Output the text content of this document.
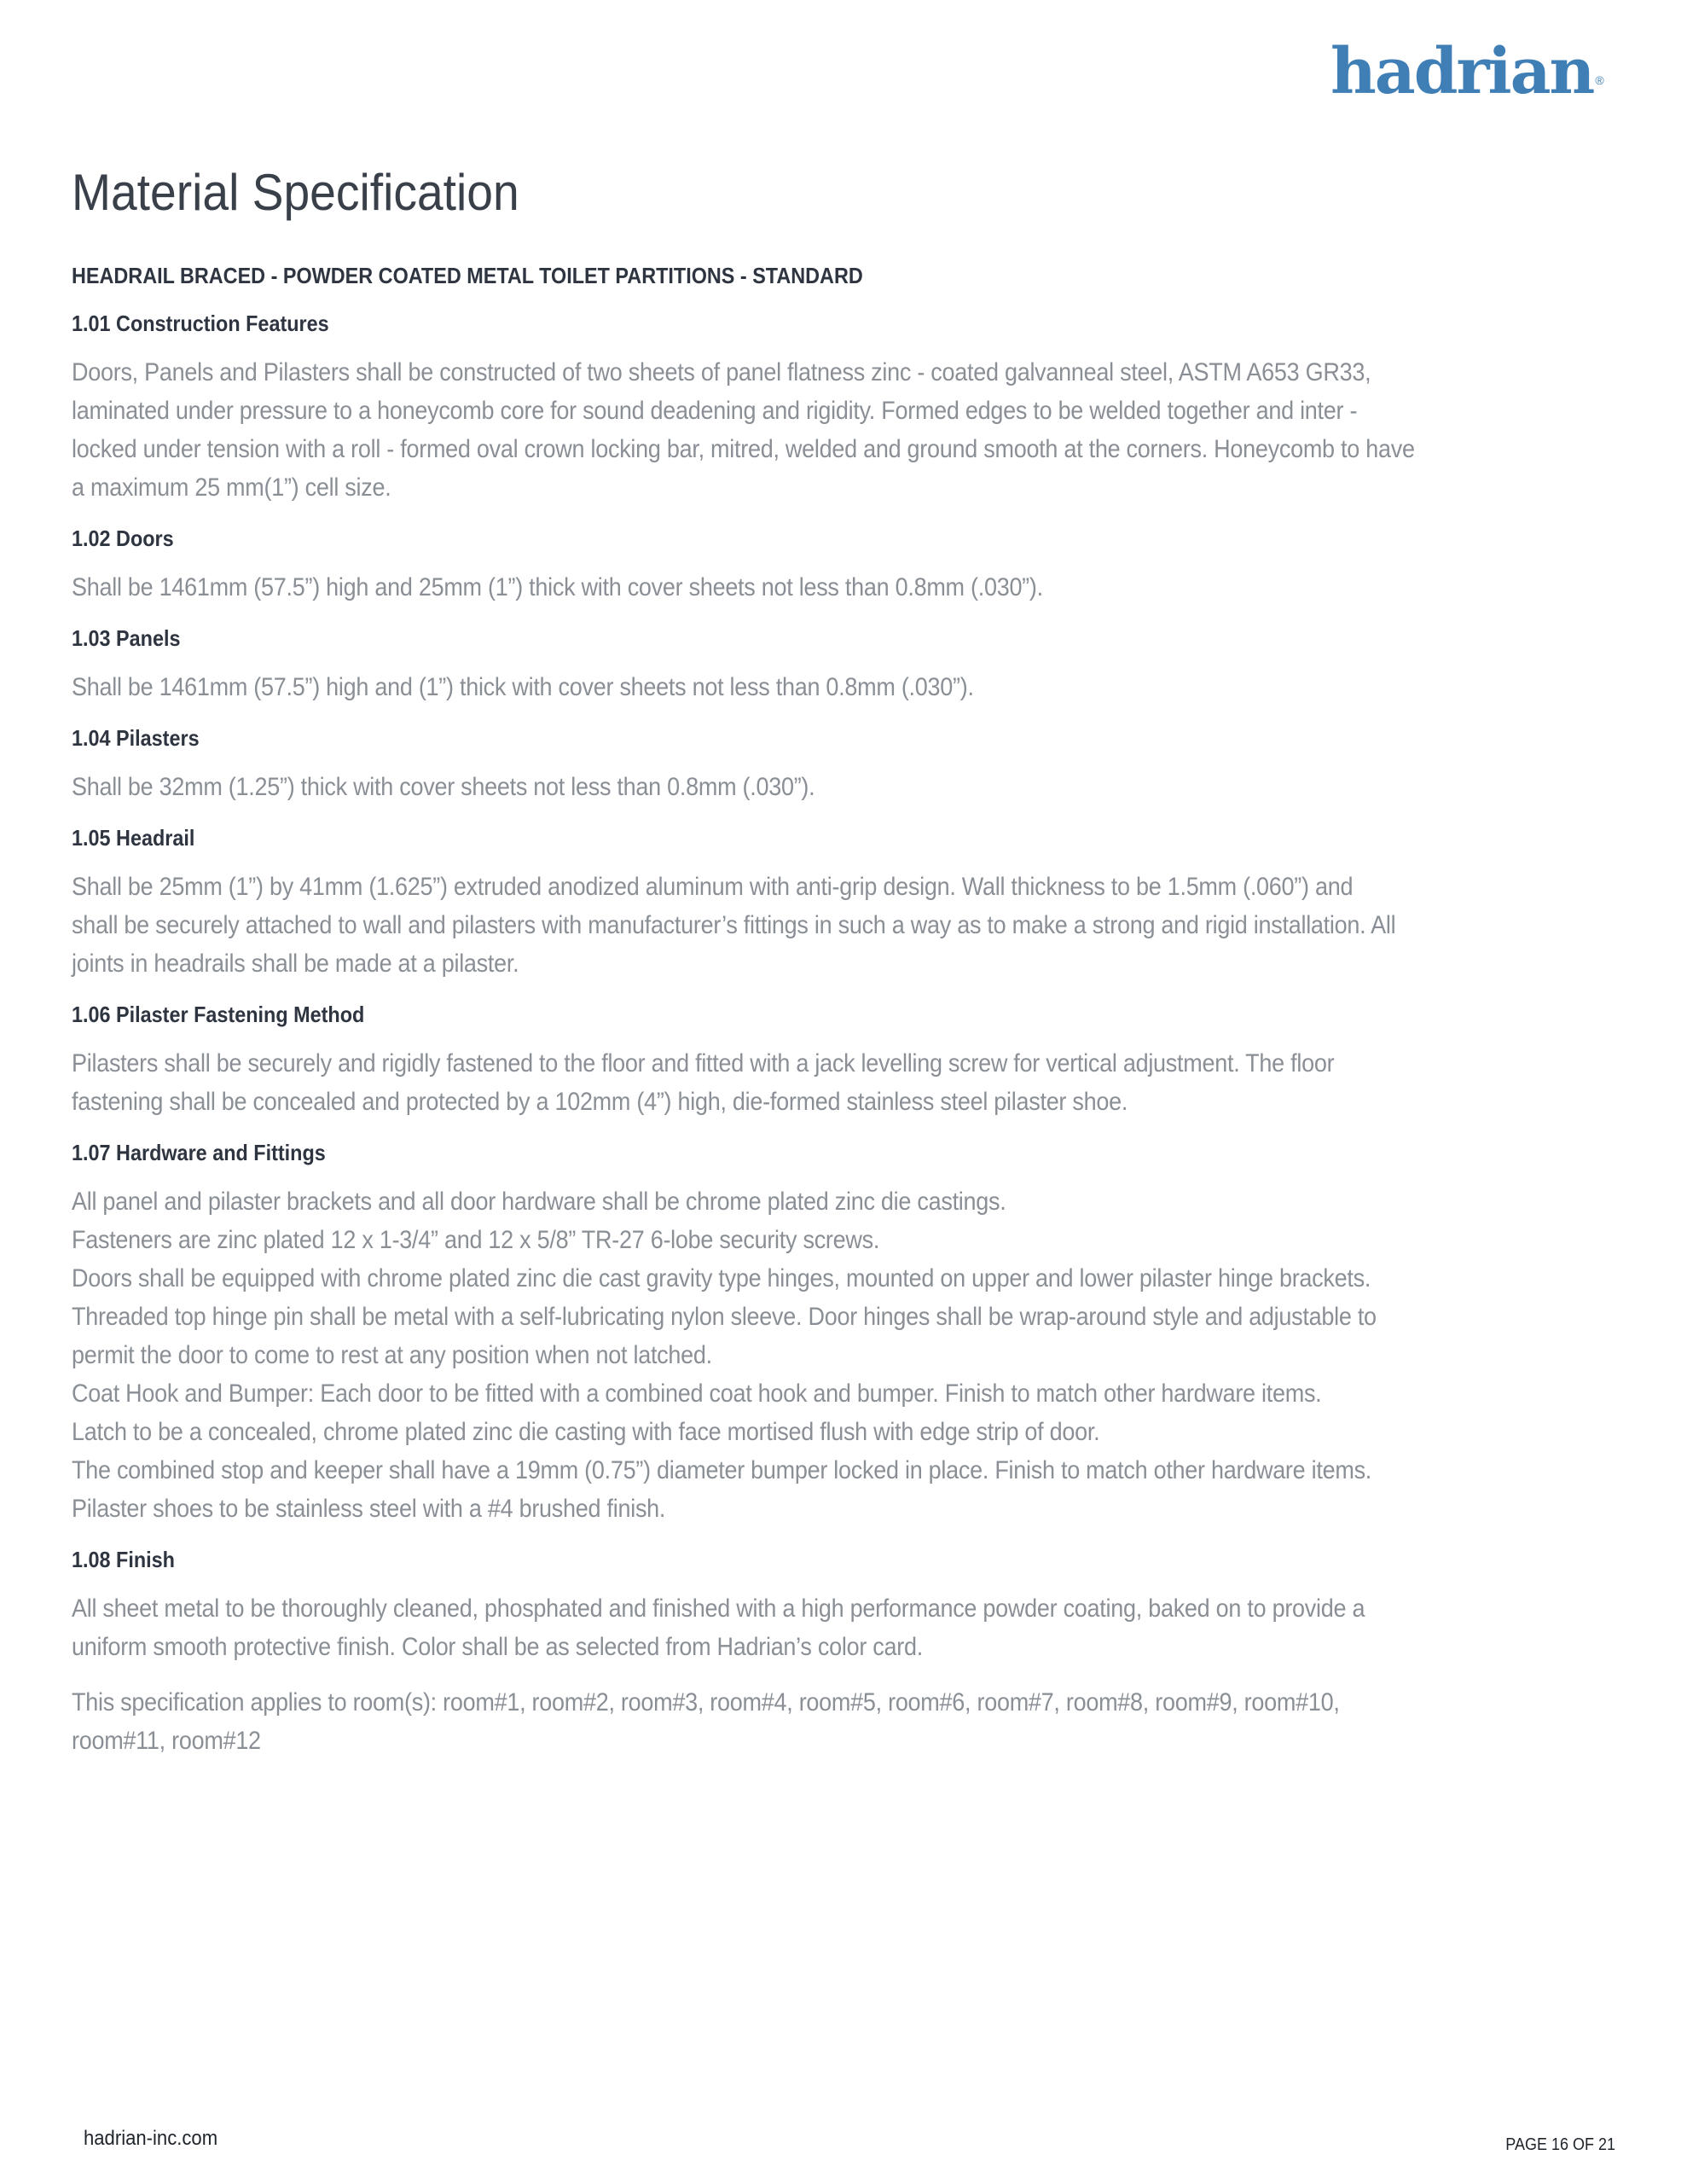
hadrian ®
Material Specification
HEADRAIL BRACED - POWDER COATED METAL TOILET PARTITIONS - STANDARD
1.01 Construction Features
Doors, Panels and Pilasters shall be constructed of two sheets of panel flatness zinc - coated galvanneal steel, ASTM A653 GR33,
laminated under pressure to a honeycomb core for sound deadening and rigidity. Formed edges to be welded together and inter -
locked under tension with a roll - formed oval crown locking bar, mitred, welded and ground smooth at the corners. Honeycomb to have
a maximum 25 mm(1”) cell size.
1.02 Doors
Shall be 1461mm (57.5”) high and 25mm (1”) thick with cover sheets not less than 0.8mm (.030”).
1.03 Panels
Shall be 1461mm (57.5”) high and (1”) thick with cover sheets not less than 0.8mm (.030”).
1.04 Pilasters
Shall be 32mm (1.25”) thick with cover sheets not less than 0.8mm (.030”).
1.05 Headrail
Shall be 25mm (1”) by 41mm (1.625”) extruded anodized aluminum with anti-grip design. Wall thickness to be 1.5mm (.060”) and
shall be securely attached to wall and pilasters with manufacturer’s fittings in such a way as to make a strong and rigid installation. All
joints in headrails shall be made at a pilaster.
1.06 Pilaster Fastening Method
Pilasters shall be securely and rigidly fastened to the floor and fitted with a jack levelling screw for vertical adjustment. The floor
fastening shall be concealed and protected by a 102mm (4”) high, die-formed stainless steel pilaster shoe.
1.07 Hardware and Fittings
All panel and pilaster brackets and all door hardware shall be chrome plated zinc die castings.
Fasteners are zinc plated 12 x 1-3/4” and 12 x 5/8” TR-27 6-lobe security screws.
Doors shall be equipped with chrome plated zinc die cast gravity type hinges, mounted on upper and lower pilaster hinge brackets.
Threaded top hinge pin shall be metal with a self-lubricating nylon sleeve. Door hinges shall be wrap-around style and adjustable to
permit the door to come to rest at any position when not latched.
Coat Hook and Bumper: Each door to be fitted with a combined coat hook and bumper. Finish to match other hardware items.
Latch to be a concealed, chrome plated zinc die casting with face mortised flush with edge strip of door.
The combined stop and keeper shall have a 19mm (0.75”) diameter bumper locked in place. Finish to match other hardware items.
Pilaster shoes to be stainless steel with a #4 brushed finish.
1.08 Finish
All sheet metal to be thoroughly cleaned, phosphated and finished with a high performance powder coating, baked on to provide a
uniform smooth protective finish. Color shall be as selected from Hadrian’s color card.
This specification applies to room(s): room#1, room#2, room#3, room#4, room#5, room#6, room#7, room#8, room#9, room#10,
room#11, room#12
hadrian-inc.com	PAGE 16 OF 21
